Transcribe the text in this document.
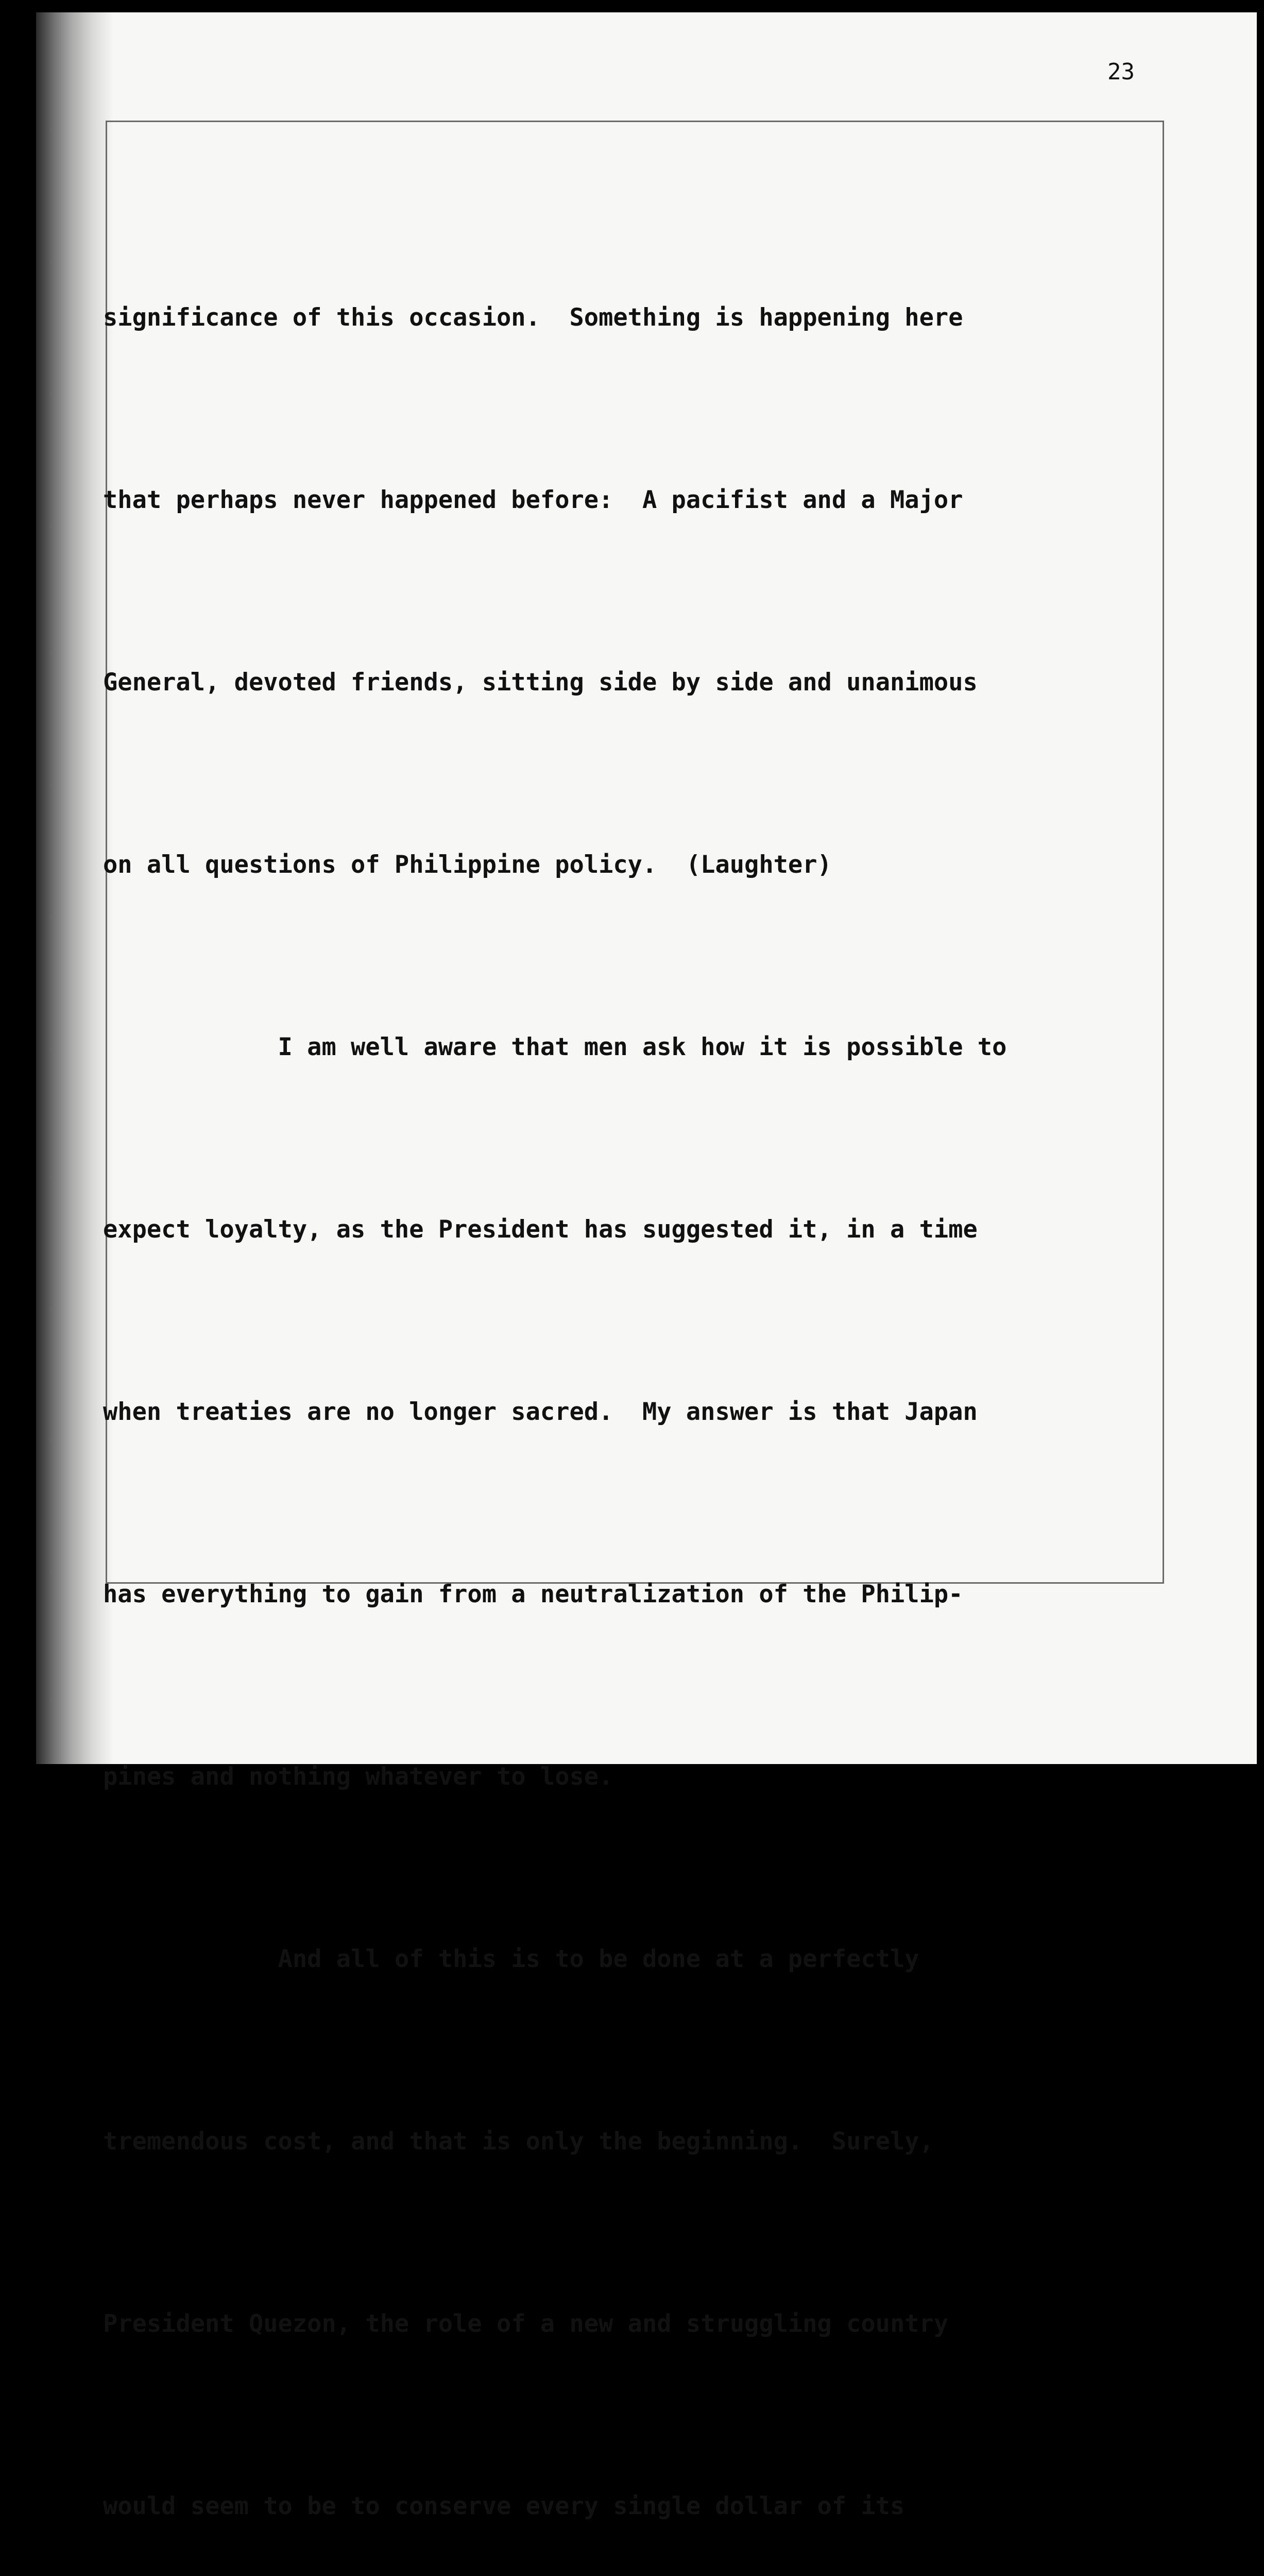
23

significance of this occasion.  Something is happening here

that perhaps never happened before:  A pacifist and a Major

General, devoted friends, sitting side by side and unanimous

on all questions of Philippine policy.  (Laughter)

I am well aware that men ask how it is possible to

expect loyalty, as the President has suggested it, in a time

when treaties are no longer sacred.  My answer is that Japan

has everything to gain from a neutralization of the Philip-

pines and nothing whatever to lose.

And all of this is to be done at a perfectly

tremendous cost, and that is only the beginning.  Surely,

President Quezon, the role of a new and struggling country

would seem to be to conserve every single dollar of its
